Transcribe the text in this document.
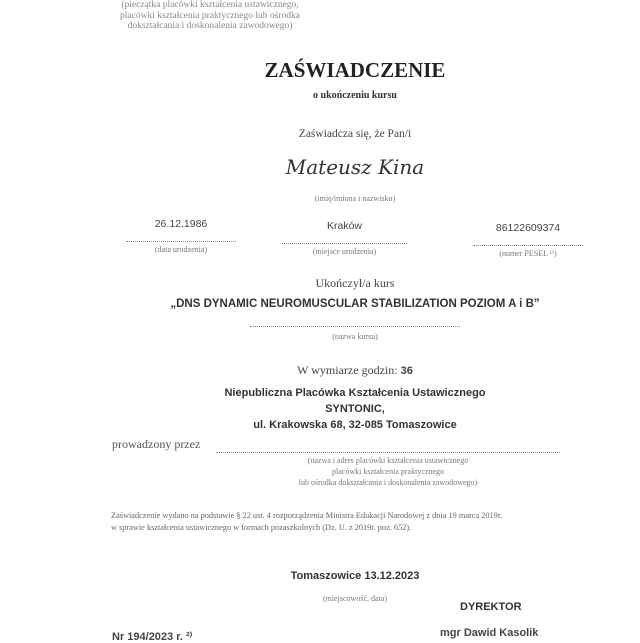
(pieczątka placówki kształcenia ustawicznego,
placówki kształcenia praktycznego lub ośrodka
dokształcania i doskonalenia zawodowego)
ZAŚWIADCZENIE
o ukończeniu kursu
Zaświadcza się, że Pan/i
Mateusz Kina
(imię/imiona i nazwisko)
26.12.1986
(data urodzenia)
Kraków
(miejsce urodzenia)
86122609374
(numer PESEL ¹⁾)
Ukończył/a kurs
„DNS DYNAMIC NEUROMUSCULAR STABILIZATION POZIOM A i B”
(nazwa kursu)
W wymiarze godzin: 36
Niepubliczna Placówka Kształcenia Ustawicznego
SYNTONIC,
ul. Krakowska 68, 32-085 Tomaszowice
prowadzony przez
(nazwa i adres placówki kształcenia ustawicznego
placówki kształcenia praktycznego
lub ośrodka dokształcania i doskonalenia zawodowego)
Zaświadczenie wydano na podstawie § 22 ust. 4 rozporządzenia Ministra Edukacji Narodowej z dnia 19 marca 2019r.
w sprawie kształcenia ustawicznego w formach pozaszkolnych (Dz. U. z 2019r. poz. 652).
Tomaszowice 13.12.2023
(miejscowość, data)
DYREKTOR
mgr Dawid Kasolik
Nr 194/2023 r. ²⁾
